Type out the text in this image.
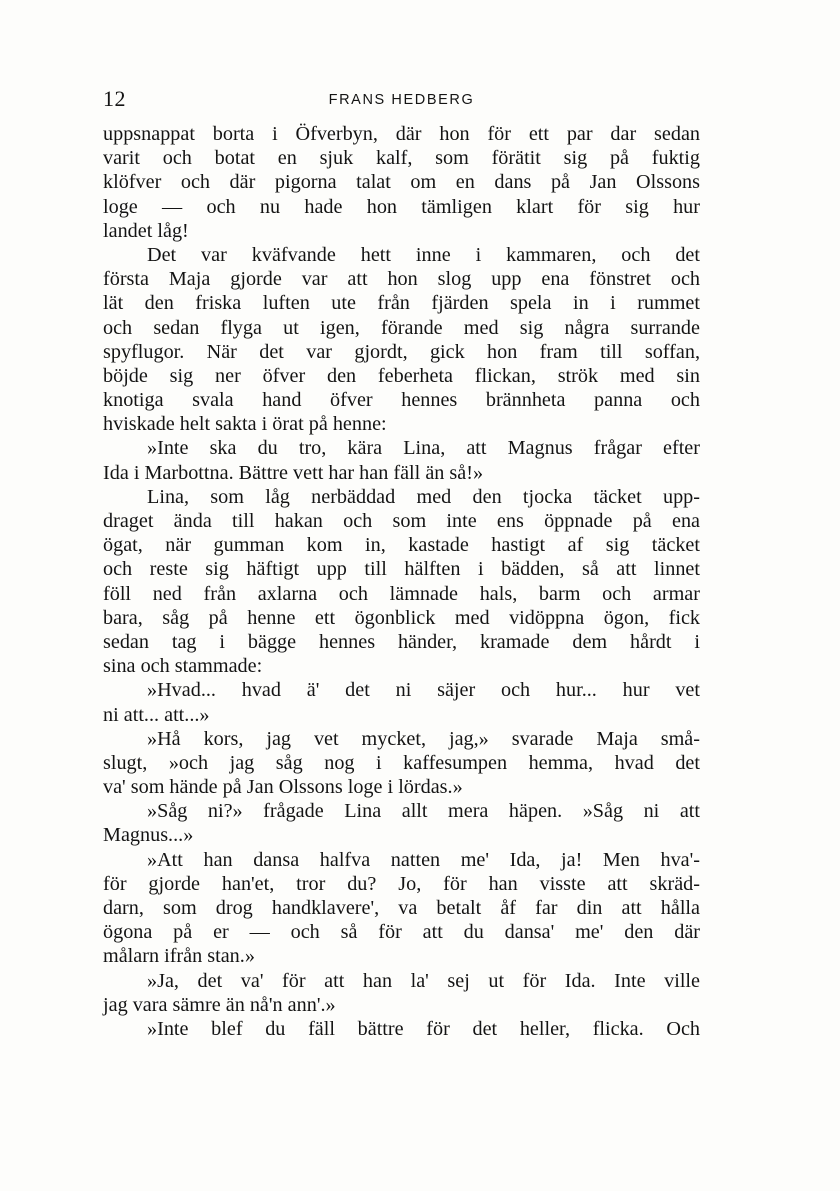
12	FRANS HEDBERG
uppsnappat borta i Öfverbyn, där hon för ett par dar sedan
varit och botat en sjuk kalf, som förätit sig på fuktig
klöfver och där pigorna talat om en dans på Jan Olssons
loge — och nu hade hon tämligen klart för sig hur
landet låg!
Det var kväfvande hett inne i kammaren, och det
första Maja gjorde var att hon slog upp ena fönstret och
lät den friska luften ute från fjärden spela in i rummet
och sedan flyga ut igen, förande med sig några surrande
spyflugor. När det var gjordt, gick hon fram till soffan,
böjde sig ner öfver den feberheta flickan, strök med sin
knotiga svala hand öfver hennes brännheta panna och
hviskade helt sakta i örat på henne:
»Inte ska du tro, kära Lina, att Magnus frågar efter
Ida i Marbottna. Bättre vett har han fäll än så!»
Lina, som låg nerbäddad med den tjocka täcket upp-
draget ända till hakan och som inte ens öppnade på ena
ögat, när gumman kom in, kastade hastigt af sig täcket
och reste sig häftigt upp till hälften i bädden, så att linnet
föll ned från axlarna och lämnade hals, barm och armar
bara, såg på henne ett ögonblick med vidöppna ögon, fick
sedan tag i bägge hennes händer, kramade dem hårdt i
sina och stammade:
»Hvad... hvad ä' det ni säjer och hur... hur vet
ni att... att...»
»Hå kors, jag vet mycket, jag,» svarade Maja små-
slugt, »och jag såg nog i kaffesumpen hemma, hvad det
va' som hände på Jan Olssons loge i lördas.»
»Såg ni?» frågade Lina allt mera häpen. »Såg ni att
Magnus...»
»Att han dansa halfva natten me' Ida, ja! Men hva'-
för gjorde han'et, tror du? Jo, för han visste att skräd-
darn, som drog handklavere', va betalt åf far din att hålla
ögona på er — och så för att du dansa' me' den där
målarn ifrån stan.»
»Ja, det va' för att han la' sej ut för Ida. Inte ville
jag vara sämre än nå'n ann'.»
»Inte blef du fäll bättre för det heller, flicka. Och
